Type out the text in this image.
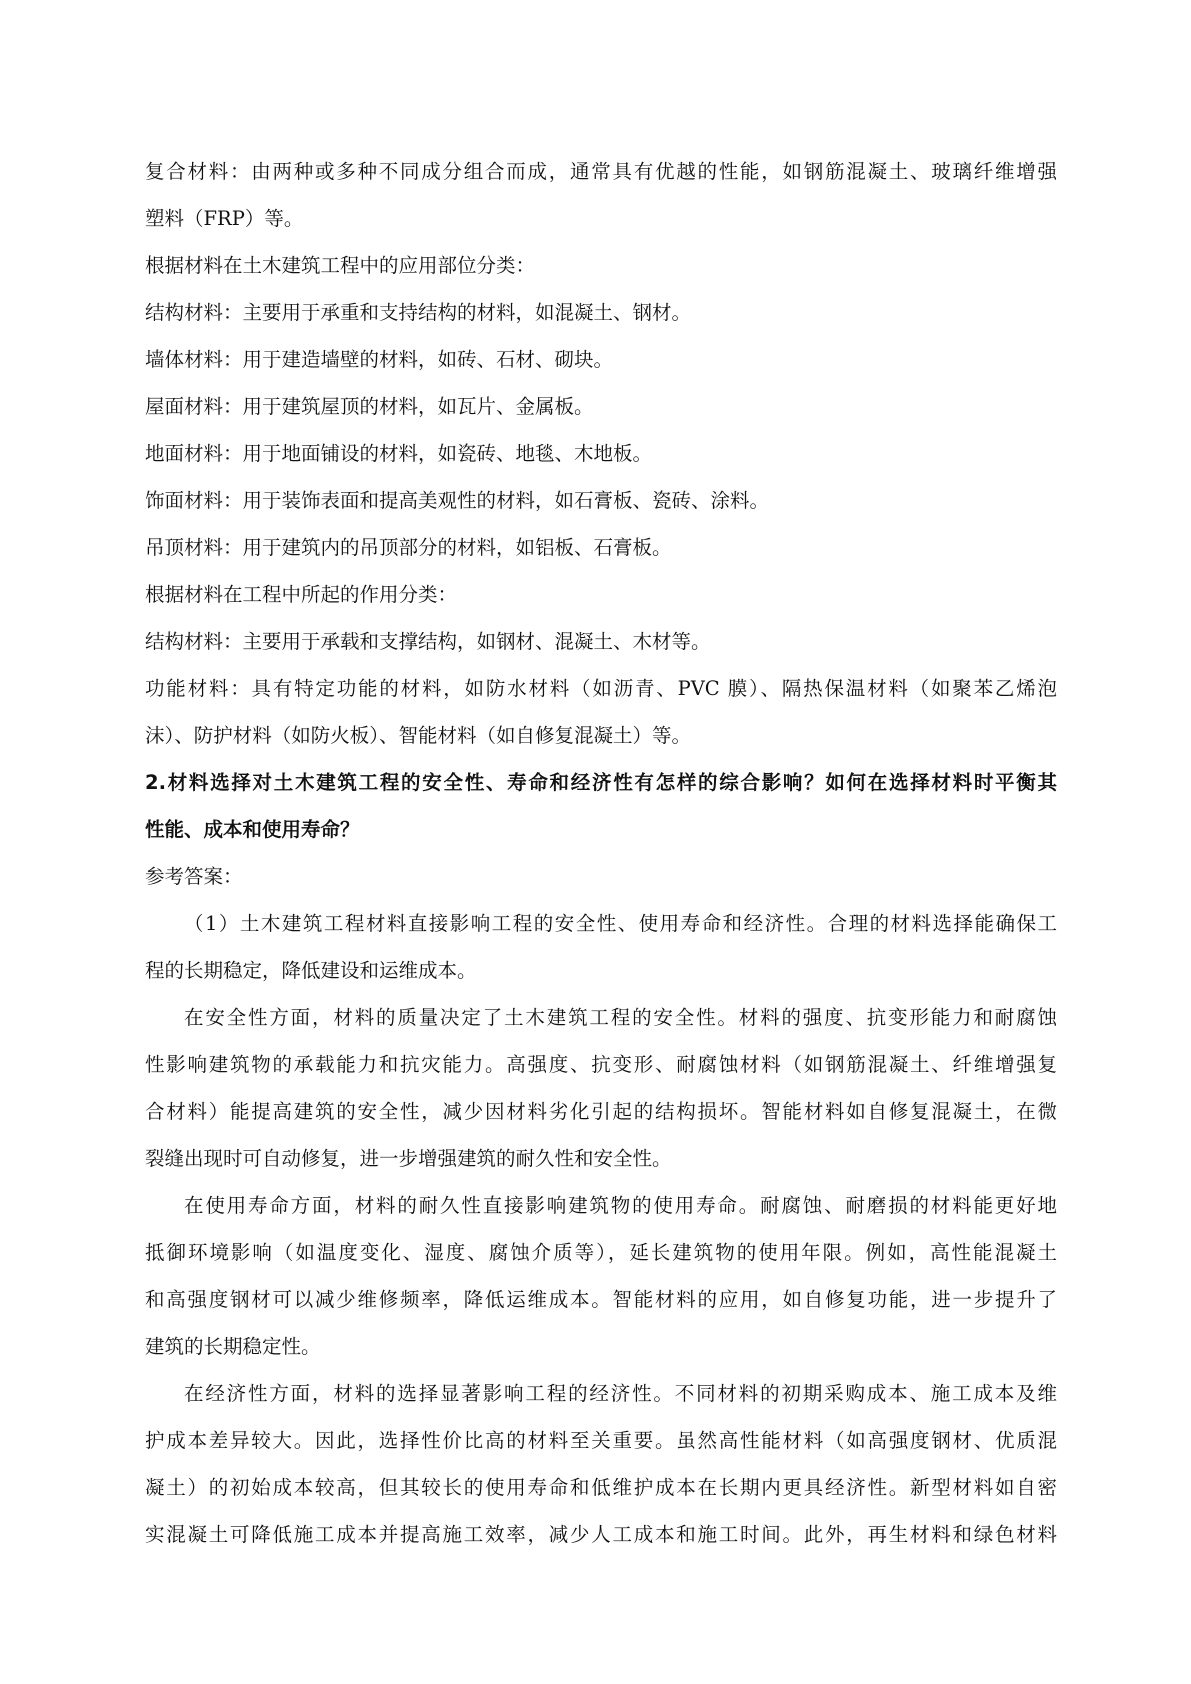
复合材料：由两种或多种不同成分组合而成，通常具有优越的性能，如钢筋混凝土、玻璃纤维增强
塑料（FRP）等。
根据材料在土木建筑工程中的应用部位分类：
结构材料：主要用于承重和支持结构的材料，如混凝土、钢材。
墙体材料：用于建造墙壁的材料，如砖、石材、砌块。
屋面材料：用于建筑屋顶的材料，如瓦片、金属板。
地面材料：用于地面铺设的材料，如瓷砖、地毯、木地板。
饰面材料：用于装饰表面和提高美观性的材料，如石膏板、瓷砖、涂料。
吊顶材料：用于建筑内的吊顶部分的材料，如铝板、石膏板。
根据材料在工程中所起的作用分类：
结构材料：主要用于承载和支撑结构，如钢材、混凝土、木材等。
功能材料：具有特定功能的材料，如防水材料（如沥青、PVC 膜）、隔热保温材料（如聚苯乙烯泡
沫）、防护材料（如防火板）、智能材料（如自修复混凝土）等。
2.材料选择对土木建筑工程的安全性、寿命和经济性有怎样的综合影响？如何在选择材料时平衡其
性能、成本和使用寿命？
参考答案：
（1）土木建筑工程材料直接影响工程的安全性、使用寿命和经济性。合理的材料选择能确保工
程的长期稳定，降低建设和运维成本。
在安全性方面，材料的质量决定了土木建筑工程的安全性。材料的强度、抗变形能力和耐腐蚀
性影响建筑物的承载能力和抗灾能力。高强度、抗变形、耐腐蚀材料（如钢筋混凝土、纤维增强复
合材料）能提高建筑的安全性，减少因材料劣化引起的结构损坏。智能材料如自修复混凝土，在微
裂缝出现时可自动修复，进一步增强建筑的耐久性和安全性。
在使用寿命方面，材料的耐久性直接影响建筑物的使用寿命。耐腐蚀、耐磨损的材料能更好地
抵御环境影响（如温度变化、湿度、腐蚀介质等），延长建筑物的使用年限。例如，高性能混凝土
和高强度钢材可以减少维修频率，降低运维成本。智能材料的应用，如自修复功能，进一步提升了
建筑的长期稳定性。
在经济性方面，材料的选择显著影响工程的经济性。不同材料的初期采购成本、施工成本及维
护成本差异较大。因此，选择性价比高的材料至关重要。虽然高性能材料（如高强度钢材、优质混
凝土）的初始成本较高，但其较长的使用寿命和低维护成本在长期内更具经济性。新型材料如自密
实混凝土可降低施工成本并提高施工效率，减少人工成本和施工时间。此外，再生材料和绿色材料
